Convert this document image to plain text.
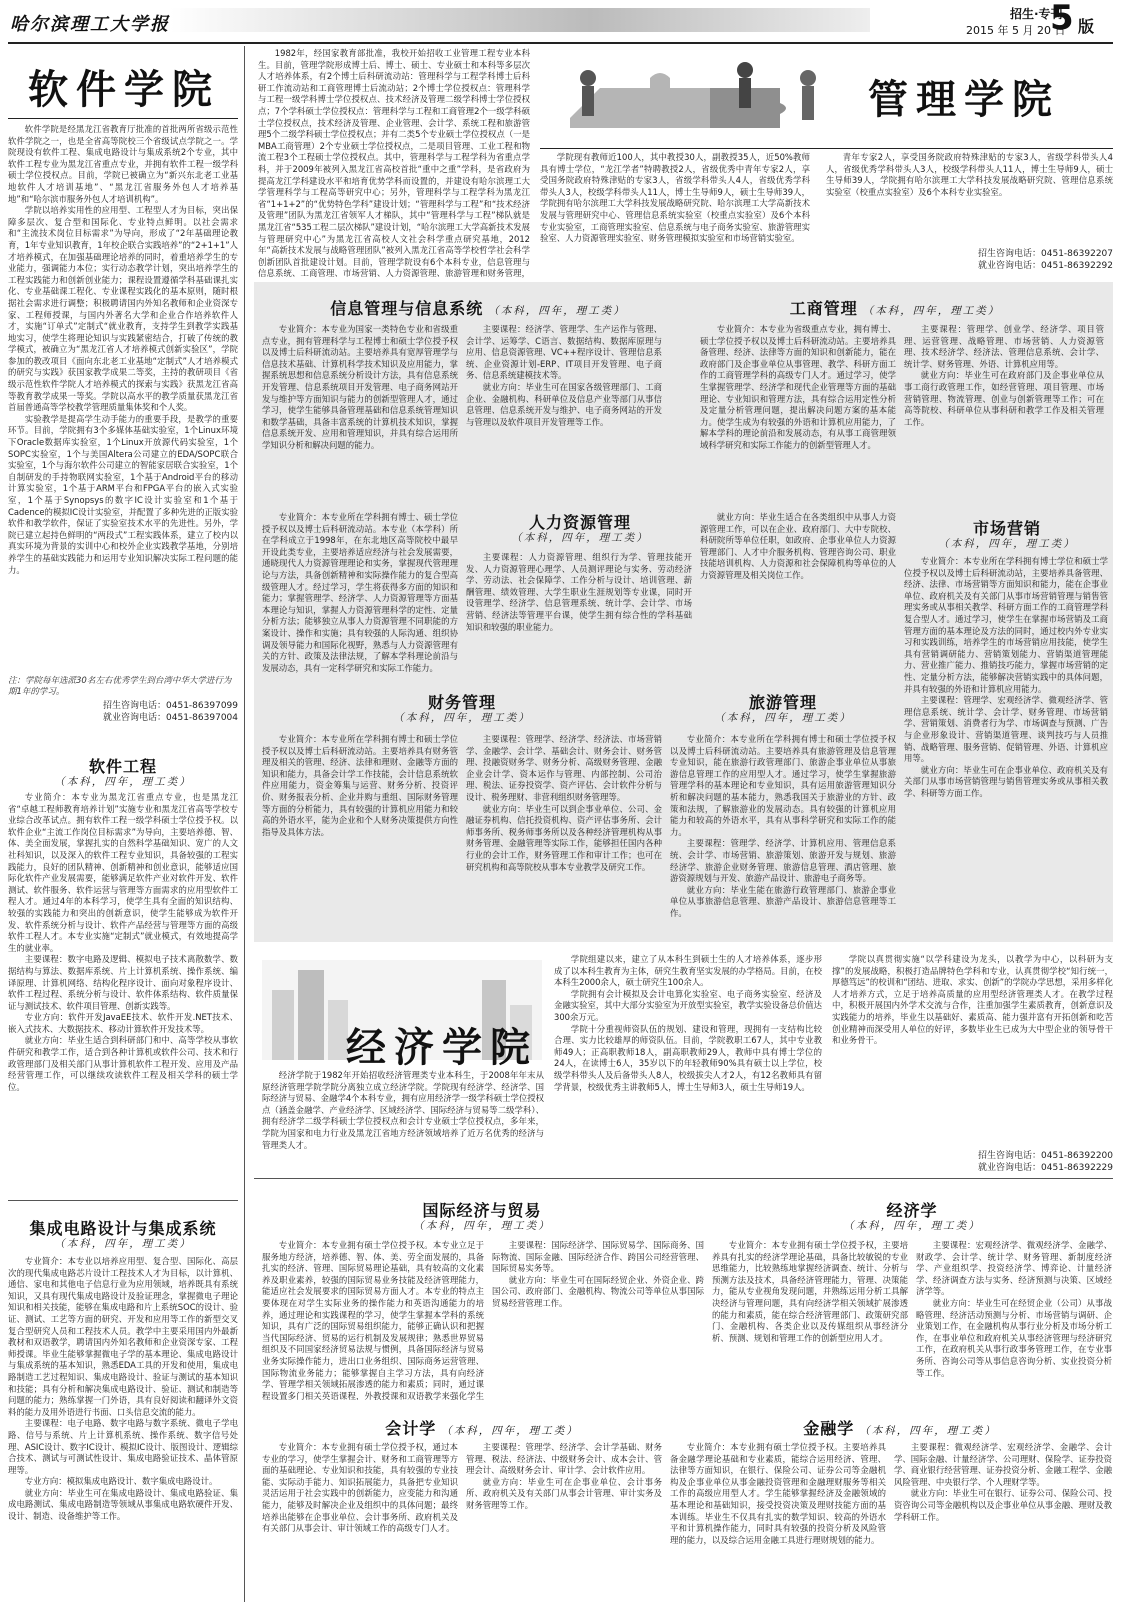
哈尔滨理工大学报	招生·专刊
2015 年 5 月 20 日
5 版
软件学院

软件学院是经黑龙江省教育厅批准的首批两所省级示范性软件学院之一，也是全省高等院校三个省级试点学院之一。学院现设有软件工程、集成电路设计与集成系统2个专业，其中软件工程专业为黑龙江省重点专业，并拥有软件工程一级学科硕士学位授权点。目前，学院已被确立为“新兴东北老工业基地软件人才培训基地”、“黑龙江省服务外包人才培养基地”和“哈尔滨市服务外包人才培训机构”。

学院以培养实用性的应用型、工程型人才为目标，突出保障多层次、复合型和国际化、专业特点鲜明。以社会需求和“主流技术岗位目标需求”为导向，形成了“2年基础理论教育，1年专业知识教育，1年校企联合实践培养”的“2+1+1”人才培养模式，在加强基础理论培养的同时，着重培养学生的专业能力，强调能力本位；实行动态教学计划，突出培养学生的工程实践能力和创新创业能力；课程设置遵循学科基础课扎实化、专业基础课工程化、专业课程实践化的基本原则，随时根据社会需求进行调整；积极聘请国内外知名教师和企业资深专家、工程师授课，与国内外著名大学和企业合作培养软件人才，实施“订单式”定制式“就业教育，支持学生到教学实践基地实习，使学生将理论知识与实践紧密结合，打破了传统的教学模式，被确立为“黑龙江省人才培养模式创新实验区”，学院参加的教改项目《面向东北老工业基地“定制式”人才培养模式的研究与实践》获国家教学成果二等奖，主持的教研项目《省级示范性软件学院人才培养模式的探索与实践》获黑龙江省高等教育教学成果一等奖。学院以高水平的教学质量获黑龙江省首届普通高等学校教学管理质量集体奖和个人奖。

实验教学是提高学生动手能力的重要手段，是教学的重要环节。目前，学院拥有3个多媒体基础实验室，1个Linux环境下Oracle数据库实验室，1个Linux开放源代码实验室，1个SOPC实验室，1个与美国Altera公司建立的EDA/SOPC联合实验室，1个与海尔软件公司建立的智能家居联合实验室，1个自制研发的手持物联网实验室，1个基于Android平台的移动计算实验室，1个基于ARM平台和FPGA平台的嵌入式实验室，1个基于Synopsys的数字IC设计实验室和1个基于Cadence的模拟IC设计实验室，并配置了多种先进的正版实验软件和教学软件，保证了实验室技术水平的先进性。另外，学院已建立起持色鲜明的“两段式”工程实践体系，建立了校内以真实环境为背景的实训中心和校外企业实践教学基地，分别培养学生的基础实践能力和运用专业知识解决实际工程问题的能力。

注：学院每年选派30名左右优秀学生到台湾中华大学进行为期1年的学习。
招生咨询电话：0451-86397099
就业咨询电话：0451-86397004
软件工程
（本科，四年，理工类）

专业简介：本专业为黑龙江省重点专业，也是黑龙江省“卓越工程师教育培养计划”实施专业和黑龙江省高等学校专业综合改革试点。拥有软件工程一级学科硕士学位授予权。以软件企业“主流工作岗位目标需求”为导向，主要培养德、智、体、美全面发展，掌握扎实的自然科学基础知识、宽广的人文社科知识，以及深入的软件工程专业知识，具备较强的工程实践能力，良好的团队精神、创新精神和创业意识，能够适应国际化软件产业发展需要，能够满足软件产业对软件开发、软件测试、软件服务、软件运营与管理等方面需求的应用型软件工程人才。通过4年的本科学习，使学生具有全面的知识结构、较强的实践能力和突出的创新意识，使学生能够成为软件开发、软件系统分析与设计、软件产品经营与管理等方面的高级软件工程人才。本专业实施“定制式”就业模式，有效地提高学生的就业率。

主要课程：数字电路及逻辑、模拟电子技术离散数学、数据结构与算法、数据库系统、片上计算机系统、操作系统、编译原理、计算机网络、结构化程序设计、面向对象程序设计、软件工程过程、系统分析与设计、软件体系结构、软件质量保证与测试技术、软件项目管理、创新实践等。

专业方向：软件开发JavaEE技术、软件开发.NET技术、嵌入式技术、大数据技术、移动计算软件开发技术等。

就业方向：毕业生适合到科研部门和中、高等学校从事软件研究和教学工作，适合到各种计算机或软件公司、技术和行政管理部门及相关部门从事计算机软件工程开发、应用及产品经营管理工作，可以继续攻读软件工程及相关学科的硕士学位。

集成电路设计与集成系统
（本科，四年，理工类）

专业简介：本专业以培养应用型、复合型、国际化、高层次的现代集成电路芯片设计工程技术人才为目标，以计算机、通信、家电和其他电子信息行业为应用领域，培养既具有系统知识，又具有现代集成电路设计及验证理念，掌握微电子理论知识和相关技能，能够在集成电路和片上系统SOC的设计、验证、测试、工艺等方面的研究、开发和应用等工作的新型交叉复合型研究人员和工程技术人员。教学中主要采用国内外最新教材和双语教学，聘请国内外知名教师和企业资深专家、工程师授课。毕业生能够掌握微电子学的基本理论、集成电路设计与集成系统的基本知识，熟悉EDA工具的开发和使用，集成电路制造工艺过程知识、集成电路设计、验证与测试的基本知识和技能；具有分析和解决集成电路设计、验证、测试和制造等问题的能力；熟练掌握一门外语，具有良好阅读和翻译外文资料的能力及用外语进行书面、口头信息交流的能力。

主要课程：电子电路、数字电路与数字系统、微电子学电路、信号与系统、片上计算机系统、操作系统、数字信号处理、ASIC设计、数字IC设计、模拟IC设计、版图设计、逻辑综合技术、测试与可测试性设计、集成电路验证技术、晶体管原理等。

专业方向：模拟集成电路设计、数字集成电路设计。

就业方向：毕业生可在集成电路设计、集成电路验证、集成电路测试、集成电路制造等领域从事集成电路软硬件开发、设计、制造、设备维护等工作。

1982年，经国家教育部批准，我校开始招收工业管理工程专业本科生。目前，管理学院形成博士后、博士、硕士、专业硕士和本科等多层次人才培养体系，有2个博士后科研流动站：管理科学与工程学科博士后科研工作流动站和工商管理博士后流动站；2个博士学位授权点：管理科学与工程一级学科博士学位授权点、技术经济及管理二级学科博士学位授权点；7个学科硕士学位授权点：管理科学与工程和工商管理2个一级学科硕士学位授权点，技术经济及管理、企业管理、会计学、系统工程和旅游管理5个二级学科硕士学位授权点；并有二类5个专业硕士学位授权点（一是MBA工商管理）2个专业硕士学位授权点，二是项目管理、工业工程和物流工程3个工程硕士学位授权点。其中，管理科学与工程学科为省重点学科，并于2009年被列入黑龙江省高校首批“重中之重”学科，是省政府为提高龙江学科建设水平和培育优势学科而设置的，并建设有哈尔滨理工大学管理科学与工程高等研究中心；另外，管理科学与工程学科为黑龙江省“1+1+2”的“优势特色学科”建设计划；“管理科学与工程”和“技术经济及管理”团队为黑龙江省领军人才梯队，其中“管理科学与工程”梯队就是黑龙江省“535工程二层次梯队”建设计划，“哈尔滨理工大学高新技术发展与管理研究中心”为黑龙江省高校人文社会科学重点研究基地，2012年“高新技术发展与战略管理团队”被列入黑龙江省高等学校哲学社会科学创新团队首批建设计划。目前，管理学院设有6个本科专业，信息管理与信息系统、工商管理、市场营销、人力资源管理、旅游管理和财务管理，

管理学院

学院现有教师近100人，其中教授30人，副教授35人，近50%教师具有博士学位，“龙江学者”特聘教授2人，省级优秀中青年专家2人，享受国务院政府特殊津贴的专家3人，省级学科带头人4人，省级优秀学科带头人3人，校级学科带头人11人，博士生导师9人，硕士生导师39人，学院拥有哈尔滨理工大学科技发展战略研究院、哈尔滨理工大学高新技术发展与管理研究中心、管理信息系统实验室（校重点实验室）及6个本科专业实验室，工商管理实验室、信息系统与电子商务实验室、旅游管理实验室、人力资源管理实验室、财务管理模拟实验室和市场营销实验室。

青年专家2人，享受国务院政府特殊津贴的专家3人，省级学科带头人4人，省级优秀学科带头人3人，校级学科带头人11人，博士生导师9人，硕士生导师39人，学院拥有哈尔滨理工大学科技发展战略研究院、管理信息系统实验室（校重点实验室）及6个本科专业实验室。

招生咨询电话：0451-86392207
就业咨询电话：0451-86392292
信息管理与信息系统 （本科，四年，理工类）

专业简介：本专业为国家一类特色专业和省级重点专业，拥有管理科学与工程博士和硕士学位授予权以及博士后科研流动站。主要培养具有宽厚管理学与信息技术基础、计算机科学技术知识及应用能力，掌握系统思想和信息系统分析设计方法，具有信息系统开发管理、信息系统项目开发管理、电子商务网站开发与维护等方面知识与能力的创新型管理人才，通过学习，使学生能够具备管理基础和信息系统管理知识和数学基础，具备丰富系统的计算机技术知识，掌握信息系统开发、应用和管理知识，并具有综合运用所学知识分析和解决问题的能力。

主要课程：经济学、管理学、生产运作与管理、会计学、运筹学、C语言、数据结构、数据库原理与应用、信息资源管理、VC++程序设计、管理信息系统、企业资源计划-ERP、IT项目开发管理、电子商务、信息系统建模技术等。

就业方向：毕业生可在国家各级管理部门、工商企业、金融机构、科研单位及信息产业等部门从事信息管理、信息系统开发与维护、电子商务网站的开发与管理以及软件项目开发管理等工作。

工商管理 （本科，四年，理工类）

专业简介：本专业为省级重点专业，拥有博士、硕士学位授予权以及博士后科研流动站。主要培养具备管理、经济、法律等方面的知识和创新能力，能在政府部门及企事业单位从事管理、教学、科研方面工作的工商管理学科的高级专门人才。通过学习，使学生掌握管理学、经济学和现代企业管理等方面的基础理论、专业知识和管理方法，具有综合运用定性分析及定量分析管理问题，提出解决问题方案的基本能力。使学生成为有较强的外语和计算机应用能力，了解本学科的理论前沿和发展动态，有从事工商管理领域科学研究和实际工作能力的创新型管理人才。

主要课程：管理学、创业学、经济学、项目管理、运营管理、战略管理、市场营销、人力资源管理、技术经济学、经济法、管理信息系统、会计学、统计学、财务管理、外语、计算机应用等。

就业方向：毕业生可在政府部门及企事业单位从事工商行政管理工作，如经营管理、项目管理、市场营销管理、物流管理、创业与创新管理等工作；可在高等院校、科研单位从事科研和教学工作及相关管理工作。

人力资源管理
（本科，四年，理工类）

专业简介：本专业所在学科拥有博士、硕士学位授予权以及博士后科研流动站。本专业（本学科）所在学科成立于1998年，在东北地区高等院校中最早开设此类专业，主要培养适应经济与社会发展需要，通晓现代人力资源管理理论和实务，掌握现代管理理论与方法，具备创新精神和实际操作能力的复合型高级管理人才。经过学习，学生将获得多方面的知识和能力；掌握管理学、经济学、人力资源管理等方面基本理论与知识，掌握人力资源管理科学的定性、定量分析方法；能够独立从事人力资源管理不同职能的方案设计、操作和实施；具有较强的人际沟通、组织协调及领导能力和国际化视野，熟悉与人力资源管理有关的方针、政策及法律法规，了解本学科理论前沿与发展动态，具有一定科学研究和实际工作能力。

主要课程：人力资源管理、组织行为学、管理技能开发、人力资源管理心理学、人员测评理论与实务、劳动经济学、劳动法、社会保障学、工作分析与设计、培训管理、薪酬管理、绩效管理、大学生职业生涯规划等专业课，同时开设管理学、经济学、信息管理系统、统计学、会计学、市场营销、经济法等管理平台课，使学生拥有综合性的学科基础知识和较强的职业能力。

就业方向：毕业生适合在各类组织中从事人力资源管理工作，可以在企业、政府部门、大中专院校、科研院所等单位任职，如政府、企事业单位人力资源管理部门、人才中介服务机构、管理咨询公司、职业技能培训机构、人力资源和社会保障机构等单位的人力资源管理及相关岗位工作。

市场营销
（本科，四年，理工类）

专业简介：本专业所在学科拥有博士学位和硕士学位授予权以及博士后科研流动站，主要培养具备管理、经济、法律、市场营销等方面知识和能力，能在企事业单位、政府机关及有关部门从事市场营销管理与销售管理实务或从事相关教学、科研方面工作的工商管理学科复合型人才。通过学习，使学生在掌握市场营销及工商管理方面的基本理论及方法的同时，通过校内外专业实习和实践训练，培养学生的市场营销应用技能，使学生具有营销调研能力、营销策划能力、营销渠道管理能力、营业推广能力、推销技巧能力，掌握市场营销的定性、定量分析方法，能够解决营销实践中的具体问题，并具有较强的外语和计算机应用能力。

主要课程：管理学、宏观经济学、微观经济学、管理信息系统、统计学、会计学、财务管理、市场营销学、营销策划、消费者行为学、市场调查与预测、广告与企业形象设计、营销渠道管理、谈判技巧与人员推销、战略管理、服务营销、促销管理、外语、计算机应用等。

就业方向：毕业生可在企事业单位、政府机关及有关部门从事市场营销管理与销售管理实务或从事相关教学、科研等方面工作。

财务管理
（本科，四年，理工类）

专业简介：本专业所在学科拥有博士和硕士学位授予权以及博士后科研流动站。主要培养具有财务管理及相关的管理、经济、法律和理财、金融等方面的知识和能力，具备会计学工作技能，会计信息系统软件应用能力，资金筹集与运营、财务分析、投资评价、财务报表分析、企业并购与重组、国际财务管理等方面的分析能力，具有较强的计算机应用能力和较高的外语水平，能为企业和个人财务决策提供方向性指导及具体方法。

主要课程：管理学、经济学、经济法、市场营销学、金融学、会计学、基础会计、财务会计、财务管理、投融资财务学、财务分析、高级财务管理、金融企业会计学、资本运作与管理、内部控制、公司治理、税法、证券投资学、资产评估、会计软件分析与设计、税务理财、非营利组织财务管理等。

就业方向：毕业生可以到企事业单位、公司、金融证券机构、信托投资机构、资产评估事务所、会计师事务所、税务师事务所以及各种经济管理机构从事财务管理、金融管理等实际工作，能够担任国内各种行业的会计工作，财务管理工作和审计工作；也可在研究机构和高等院校从事本专业教学及研究工作。

旅游管理
（本科，四年，理工类）

专业简介：本专业所在学科拥有博士和硕士学位授予权以及博士后科研流动站。主要培养具有旅游管理及信息管理专业知识，能在旅游行政管理部门、旅游企事业单位从事旅游信息管理工作的应用型人才。通过学习，使学生掌握旅游管理学科的基本理论和专业知识，具有运用旅游管理知识分析和解决问题的基本能力，熟悉我国关于旅游业的方针、政策和法规，了解旅游业的发展动态。具有较强的计算机应用能力和较高的外语水平，具有从事科学研究和实际工作的能力。

主要课程：管理学、经济学、计算机应用、管理信息系统、会计学、市场营销、旅游策划、旅游开发与规划、旅游经济学、旅游企业财务管理、旅游信息管理、酒店管理、旅游资源规划与开发、旅游产品设计、旅游电子商务等。

就业方向：毕业生能在旅游行政管理部门、旅游企事业单位从事旅游信息管理、旅游产品设计、旅游信息管理等工作。

经济学院

经济学院于1982年开始招收经济管理类专业本科生，于2008年年末从原经济管理学院学院分离独立成立经济学院。学院现有经济学、经济学、国际经济与贸易、金融学4个本科专业，拥有应用经济学一级学科硕士学位授权点（涵盖金融学、产业经济学、区域经济学、国际经济与贸易等二级学科）、拥有经济学二级学科硕士学位授权点和会计专业硕士学位授权点，多年来，学院为国家和电力行业及黑龙江省地方经济领域培养了近万名优秀的经济与管理类人才。

学院组建以来，建立了从本科生到硕士生的人才培养体系，逐步形成了以本科生教育为主体，研究生教育坚实发展的办学格局。目前，在校本科生2000余人，硕士研究生100余人。

学院拥有会计模拟及会计电算化实验室、电子商务实验室、经济及金融实验室，其中大部分实验室为开放型实验室，教学实验设备总价值达300余万元。

学院十分重视师资队伍的规划、建设和管理，现拥有一支结构比较合理、实力比较雄厚的师资队伍。目前，学院教职工67人，其中专业教师49人；正高职教师18人，副高职教师29人，教师中具有博士学位的24人，在读博士6人，35岁以下的年轻教师90%具有硕士以上学位，校级学科带头人及后备带头人8人，校级拔尖人才2人，有12名教师具有留学背景，校级优秀主讲教师5人，博士生导师3人，硕士生导师19人。

学院以真贯彻实施“以学科建设为龙头，以教学为中心，以科研为支撑”的发展战略，积极打造品牌特色学科和专业，认真贯彻学校“知行统一，厚德笃远”的校训和“团结、进取、求实、创新”的学院办学思想，采用多样化人才培养方式，立足于培养高质量的应用型经济管理类人才。在教学过程中，积极开展国内外学术交流与合作，注重加强学生素质教育，创新意识及实践能力的培养，毕业生以基础好、素质高、能力强并富有开拓创新和吃苦创业精神而深受用人单位的好评，多数毕业生已成为大中型企业的领导骨干和业务骨干。

招生咨询电话：0451-86392200
就业咨询电话：0451-86392229
国际经济与贸易
（本科，四年，理工类）

专业简介：本专业拥有硕士学位授予权。本专业立足于服务地方经济，培养德、智、体、美、劳全面发展的，具备扎实的经济、管理、国际贸易理论基础，具有较高的文化素养及职业素养，较强的国际贸易业务技能及经济管理能力，能适应社会发展要求的国际贸易方面人才。本专业的特点主要体现在对学生实际业务的操作能力和英语沟通能力的培养，通过理论和实践课程的学习，使学生掌握本学科的系统知识，具有广泛的国际贸易组织能力，能够正确认识和把握当代国际经济、贸易的运行机制及发展规律；熟悉世界贸易组织及不同国家经济贸易法规与惯例，具备国际经济与贸易业务实际操作能力，进出口业务组织、国际商务运营管理、国际物流业务能力；能够掌握自主学习方法，具有向经济学、管理学相关领域拓展渗透的能力和素质；同时，通过课程设置多门相关英语课程，外教授课和双语教学来强化学生

主要课程：国际经济学、国际贸易学、国际商务、国际物流、国际金融、国际经济合作、跨国公司经营管理、国际贸易实务等。

就业方向：毕业生可在国际经贸企业、外资企业、跨国公司、政府部门、金融机构、物流公司等单位从事国际贸易经营管理工作。

经济学
（本科，四年，理工类）

专业简介：本专业拥有硕士学位授予权，主要培养具有扎实的经济学理论基础，具备比较敏锐的专业思维能力，比较熟练地掌握经济调查、统计、分析与预测方法及技术，具备经济管理能力，管理、决策能力，能从专业视角发现问题，并熟练运用分析工具解决经济与管理问题，具有向经济学相关领域扩展渗透的能力和素质，能在综合经济管理部门、政策研究部门、金融机构、各类企业以及传媒组织从事经济分析、预测、规划和管理工作的创新型应用人才。

主要课程：宏观经济学、微观经济学、金融学、财政学、会计学、统计学、财务管理、新制度经济学、产业组织学、投资经济学、博弈论、计量经济学、经济调查方法与实务、经济预测与决策、区域经济学等。

就业方向：毕业生可在经贸企业（公司）从事战略管理、经济活动预测与分析、市场营销与调研、企业策划工作，在金融机构从事行业分析及市场分析工作，在事业单位和政府机关从事经济管理与经济研究工作，在政府机关从事行政事务管理工作，在专业事务所、咨询公司等从事信息咨询分析、实业投资分析等工作。

会计学 （本科，四年，理工类）

专业简介：本专业拥有硕士学位授予权，通过本专业的学习，使学生掌握会计、财务和工商管理等方面的基础理论、专业知识和技能，具有较强的专业技能、实际动手能力、知识拓展能力，具备把专业知识灵活运用于社会实践中的创新能力，应变能力和沟通能力，能够及时解决企业及组织中的具体问题；最终培养出能够在企事业单位、会计事务所、政府机关及有关部门从事会计、审计领域工作的高级专门人才。

主要课程：管理学、经济学、会计学基础、财务管理、税法、经济法、中级财务会计、成本会计、管理会计、高级财务会计、审计学、会计软件应用。

就业方向：毕业生可在企事业单位、会计事务所、政府机关及有关部门从事会计管理、审计实务及财务管理等工作。

金融学 （本科，四年，理工类）

专业简介：本专业拥有硕士学位授予权。主要培养具备金融学理论基础和专业素质，能综合运用经济、管理、法律等方面知识，在银行、保险公司、证券公司等金融机构及企事业单位从事金融投资管理和金融理财服务等相关工作的高级应用型人才。学生能够掌握经济及金融领域的基本理论和基础知识，接受投资决策及理财技能方面的基本训练。毕业生不仅具有扎实的数学知识、较高的外语水平和计算机操作能力，同时具有较强的投资分析及风险管理的能力，以及综合运用金融工具进行理财规划的能力。

主要课程：微观经济学、宏观经济学、金融学、会计学、国际金融、计量经济学、公司理财、保险学、证券投资学、商业银行经营管理、证券投资分析、金融工程学、金融风险管理、中央银行学、个人理财学等。

就业方向：毕业生可在银行、证券公司、保险公司、投资咨询公司等金融机构以及企事业单位从事金融、理财及教学科研工作。
